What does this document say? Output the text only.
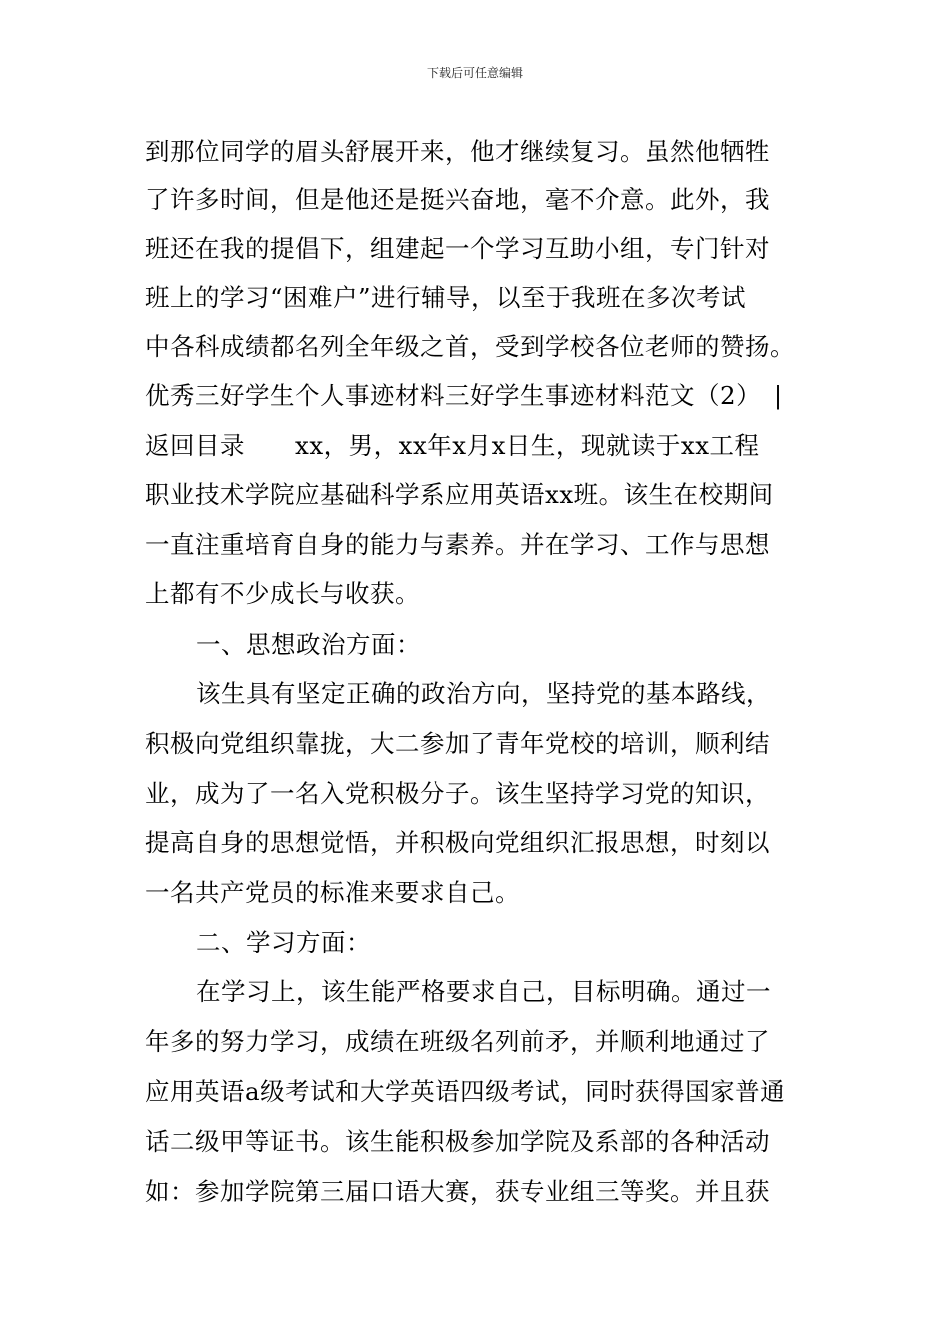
下载后可任意编辑
到那位同学的眉头舒展开来，他才继续复习。虽然他牺牲
了许多时间，但是他还是挺兴奋地，毫不介意。此外，我
班还在我的提倡下，组建起一个学习互助小组，专门针对
班上的学习“困难户”进行辅导，以至于我班在多次考试
中各科成绩都名列全年级之首，受到学校各位老师的赞扬。
优秀三好学生个人事迹材料三好学生事迹材料范文（2）　|
返回目录　　xx，男，xx年x月x日生，现就读于xx工程
职业技术学院应基础科学系应用英语xx班。该生在校期间
一直注重培育自身的能力与素养。并在学习、工作与思想
上都有不少成长与收获。
一、思想政治方面：
该生具有坚定正确的政治方向，坚持党的基本路线，
积极向党组织靠拢，大二参加了青年党校的培训，顺利结
业，成为了一名入党积极分子。该生坚持学习党的知识，
提高自身的思想觉悟，并积极向党组织汇报思想，时刻以
一名共产党员的标准来要求自己。
二、学习方面：
在学习上，该生能严格要求自己，目标明确。通过一
年多的努力学习，成绩在班级名列前矛，并顺利地通过了
应用英语a级考试和大学英语四级考试，同时获得国家普通
话二级甲等证书。该生能积极参加学院及系部的各种活动
如：参加学院第三届口语大赛，获专业组三等奖。并且获
